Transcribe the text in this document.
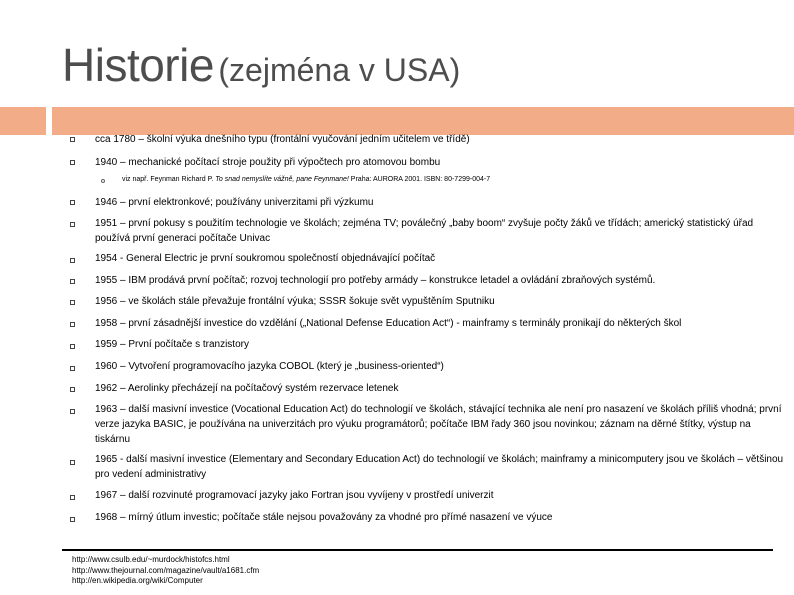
Historie (zejména v USA)
cca 1780 – školní výuka dnešního typu (frontální vyučování jedním učitelem ve třídě)
1940 – mechanické počítací stroje použity při výpočtech pro atomovou bombu
viz např. Feynman Richard P. To snad nemyslíte vážně, pane Feynmane! Praha: AURORA 2001. ISBN: 80-7299-004-7
1946 – první elektronkové; používány univerzitami při výzkumu
1951 – první pokusy s použitím technologie ve školách; zejména TV; poválečný „baby boom“ zvyšuje počty žáků ve třídách; americký statistický úřad používá první generaci počítače Univac
1954 - General Electric je první soukromou společností objednávající počítač
1955 – IBM prodává první počítač; rozvoj technologií pro potřeby armády – konstrukce letadel a ovládání zbraňových systémů.
1956 – ve školách stále převažuje frontální výuka; SSSR šokuje svět vypuštěním Sputniku
1958 – první zásadnější investice do vzdělání („National Defense Education Act“) - mainframy s terminály pronikají do některých škol
1959 – První počítače s tranzistory
1960 – Vytvoření programovacího jazyka COBOL (který je „business-oriented“)
1962 – Aerolinky přecházejí na počítačový systém rezervace letenek
1963 – další masivní investice (Vocational Education Act) do technologií ve školách, stávající technika ale není pro nasazení ve školách příliš vhodná; první verze jazyka BASIC, je používána na univerzitách pro výuku programátorů; počítače IBM řady 360 jsou novinkou; záznam na děrné štítky, výstup na tiskárnu
1965 - další masivní investice (Elementary and Secondary Education Act) do technologií ve školách; mainframy a minicomputery jsou ve školách – většinou pro vedení administrativy
1967 – další rozvinuté programovací jazyky jako Fortran jsou vyvíjeny v prostředí univerzit
1968 – mírný útlum investic; počítače stále nejsou považovány za vhodné pro přímé nasazení ve výuce
http://www.csulb.edu/~murdock/histofcs.html
http://www.thejournal.com/magazine/vault/a1681.cfm
http://en.wikipedia.org/wiki/Computer
